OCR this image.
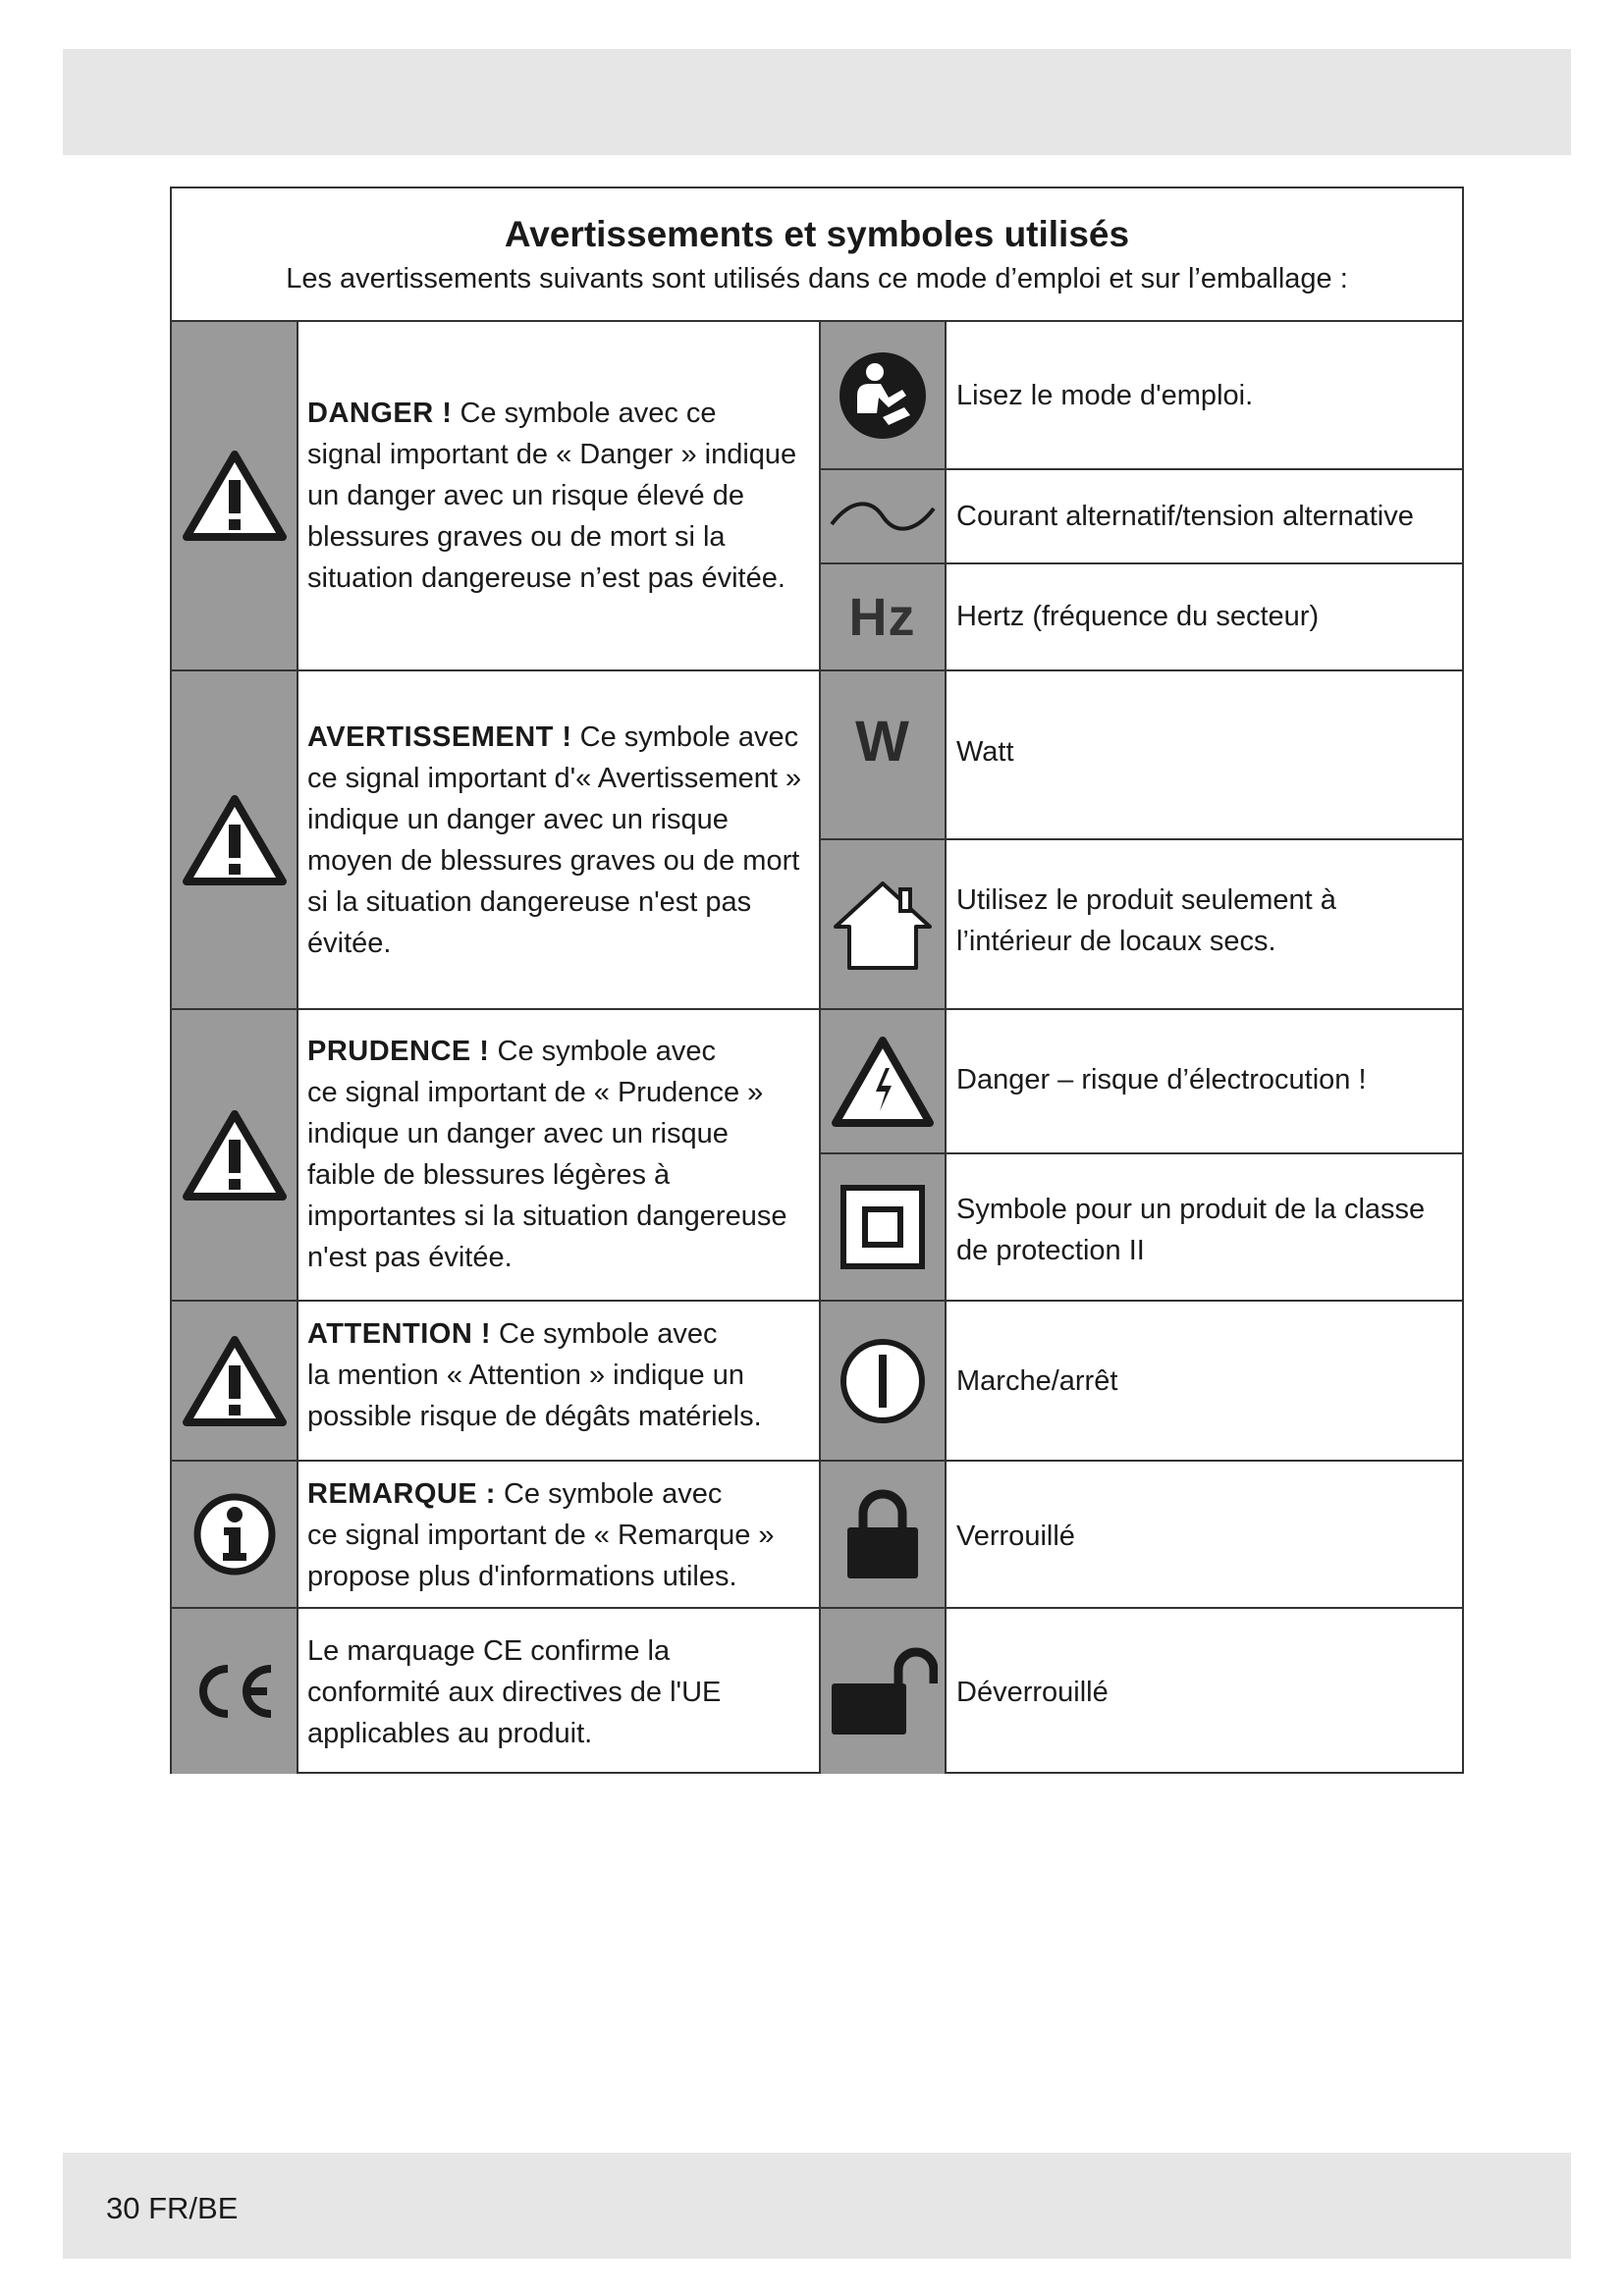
Avertissements et symboles utilisés
Les avertissements suivants sont utilisés dans ce mode d’emploi et sur l’emballage :
DANGER ! Ce symbole avec ce
signal important de « Danger » indique
un danger avec un risque élevé de
blessures graves ou de mort si la
situation dangereuse n’est pas évitée.
AVERTISSEMENT ! Ce symbole avec
ce signal important d'« Avertissement »
indique un danger avec un risque
moyen de blessures graves ou de mort
si la situation dangereuse n'est pas
évitée.
PRUDENCE ! Ce symbole avec
ce signal important de « Prudence »
indique un danger avec un risque
faible de blessures légères à
importantes si la situation dangereuse
n'est pas évitée.
ATTENTION ! Ce symbole avec
la mention « Attention » indique un
possible risque de dégâts matériels.
REMARQUE : Ce symbole avec
ce signal important de « Remarque »
propose plus d'informations utiles.
Le marquage CE confirme la
conformité aux directives de l'UE
applicables au produit.
Hz
W
Lisez le mode d'emploi.
Courant alternatif/tension alternative
Hertz (fréquence du secteur)
Watt
Utilisez le produit seulement à
l’intérieur de locaux secs.
Danger – risque d’électrocution !
Symbole pour un produit de la classe
de protection II
Marche/arrêt
Verrouillé
Déverrouillé
30 FR/BE
